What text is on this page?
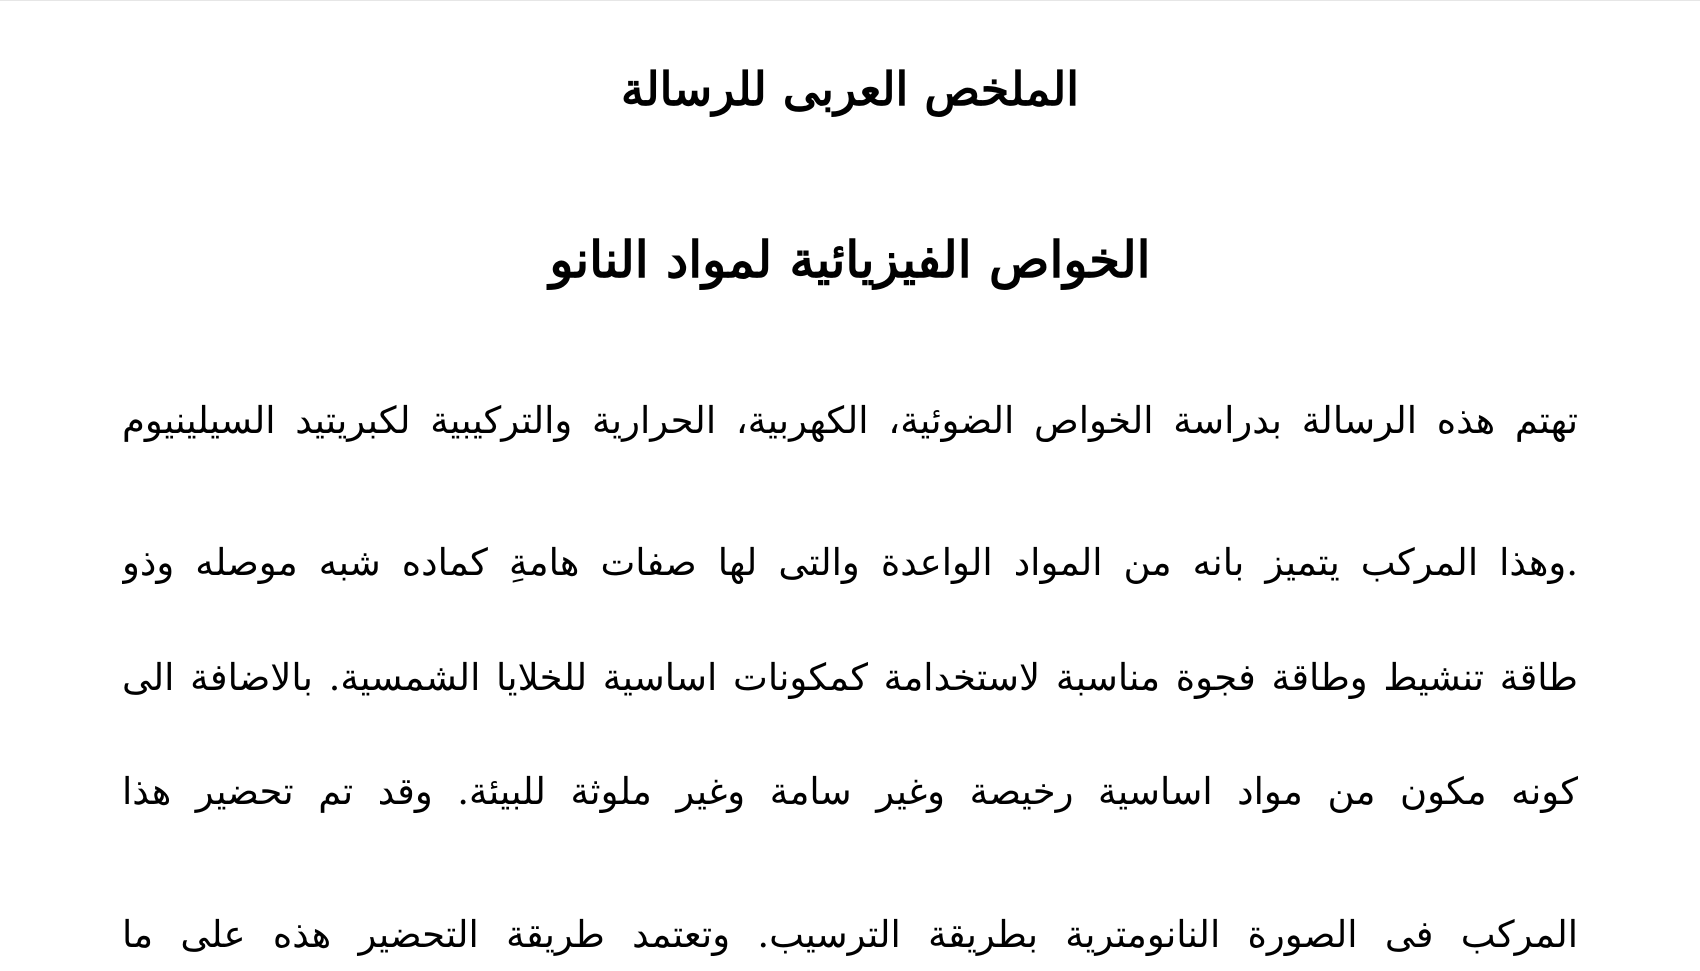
الملخص العربى للرسالة
الخواص الفيزيائية لمواد النانو
تهتم هذه الرسالة بدراسة الخواص الضوئية، الكهربية، الحرارية والتركيبية لكبريتيد السيلينيوم
.وهذا المركب يتميز بانه من المواد الواعدة والتى لها صفات هامةِ كماده شبه موصله وذو
طاقة تنشيط وطاقة فجوة مناسبة لاستخدامة كمكونات اساسية للخلايا الشمسية. بالاضافة الى
كونه مكون من مواد اساسية رخيصة وغير سامة وغير ملوثة للبيئة. وقد تم تحضير هذا
المركب فى الصورة النانومترية بطريقة الترسيب. وتعتمد طريقة التحضير هذه على ما
